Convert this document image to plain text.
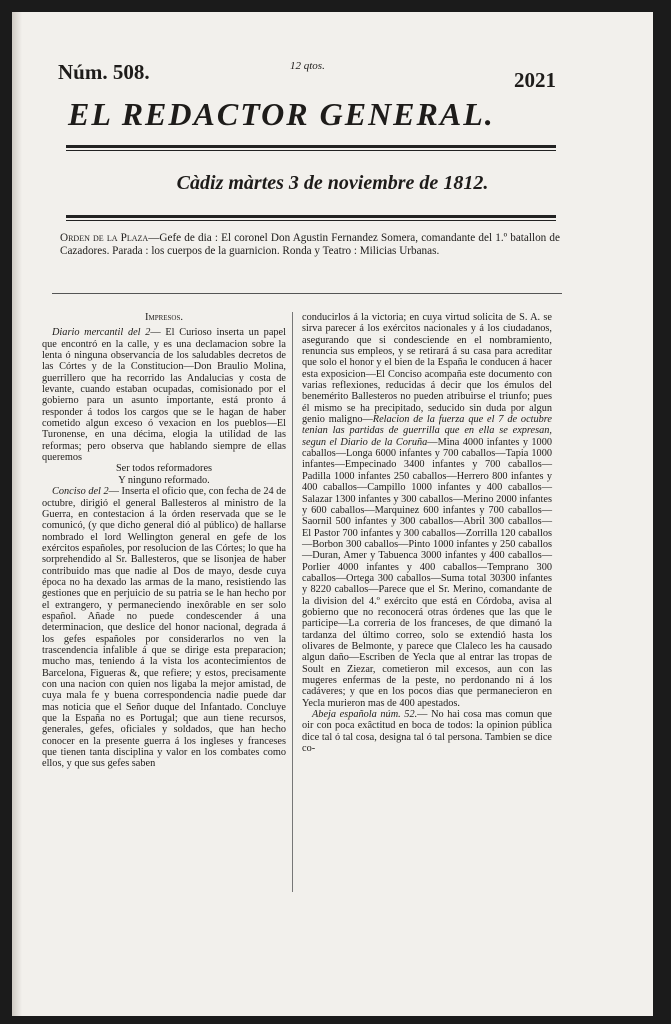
Núm. 508.	12 qtos.
2021
EL REDACTOR GENERAL.
Càdiz màrtes 3 de noviembre de 1812.

Orden de la Plaza—Gefe de dia : El coronel Don Agustin Fernandez Somera, comandante del 1.º batallon de Cazadores. Parada : los cuerpos de la guarnicion. Ronda y Teatro : Milicias Urbanas.

Impresos.

Diario mercantil del 2— El Curioso inserta un papel que encontró en la calle, y es una declamacion sobre la lenta ó ninguna observancia de los saludables decretos de las Córtes y de la Constitucion—Don Braulio Molina, guerrillero que ha recorrido las Andalucias y costa de levante, cuando estaban ocupadas, comisionado por el gobierno para un asunto importante, está pronto á responder á todos los cargos que se le hagan de haber cometido algun exceso ó vexacion en los pueblos—El Turonense, en una décima, elogia la utilidad de las reformas; pero observa que hablando siempre de ellas queremos

Ser todos reformadores

Y ninguno reformado.

Conciso del 2— Inserta el oficio que, con fecha de 24 de octubre, dirigió el general Ballesteros al ministro de la Guerra, en contestacion á la órden reservada que se le comunicó, (y que dicho general dió al público) de hallarse nombrado el lord Wellington general en gefe de los exércitos españoles, por resolucion de las Córtes; lo que ha sorprehendido al Sr. Ballesteros, que se lisonjea de haber contribuido mas que nadie al Dos de mayo, desde cuya época no ha dexado las armas de la mano, resistiendo las gestiones que en perjuicio de su patria se le han hecho por el extrangero, y permaneciendo inexôrable en ser solo español. Añade no puede condescender á una determinacion, que deslice del honor nacional, degrada á los gefes españoles por considerarlos no ven la trascendencia infalible á que se dirige esta preparacion; mucho mas, teniendo á la vista los acontecimientos de Barcelona, Figueras &, que refiere; y estos, precisamente con una nacion con quien nos ligaba la mejor amistad, de cuya mala fe y buena correspondencia nadie puede dar mas noticia que el Señor duque del Infantado. Concluye que la España no es Portugal; que aun tiene recursos, generales, gefes, oficiales y soldados, que han hecho conocer en la presente guerra á los ingleses y franceses que tienen tanta disciplina y valor en los combates como ellos, y que sus gefes saben

conducirlos á la victoria; en cuya virtud solicita de S. A. se sirva parecer á los exércitos nacionales y á los ciudadanos, asegurando que si condesciende en el nombramiento, renuncia sus empleos, y se retirará á su casa para acreditar que solo el honor y el bien de la España le conducen á hacer esta exposicion—El Conciso acompaña este documento con varias reflexiones, reducidas á decir que los émulos del benemérito Ballesteros no pueden atribuirse el triunfo; pues él mismo se ha precipitado, seducido sin duda por algun genio maligno—Relacion de la fuerza que el 7 de octubre tenian las partidas de guerrilla que en ella se expresan, segun el Diario de la Coruña—Mina 4000 infantes y 1000 caballos—Longa 6000 infantes y 700 caballos—Tapia 1000 infantes—Empecinado 3400 infantes y 700 caballos—Padilla 1000 infantes 250 caballos—Herrero 800 infantes y 400 caballos—Campillo 1000 infantes y 400 caballos—Salazar 1300 infantes y 300 caballos—Merino 2000 infantes y 600 caballos—Marquinez 600 infantes y 700 caballos—Saornil 500 infantes y 300 caballos—Abril 300 caballos—El Pastor 700 infantes y 300 caballos—Zorrilla 120 caballos—Borbon 300 caballos—Pinto 1000 infantes y 250 caballos—Duran, Amer y Tabuenca 3000 infantes y 400 caballos—Porlier 4000 infantes y 400 caballos—Temprano 300 caballos—Ortega 300 caballos—Suma total 30300 infantes y 8220 caballos—Parece que el Sr. Merino, comandante de la division del 4.º exército que está en Córdoba, avisa al gobierno que no reconocerá otras órdenes que las que le participe—La correria de los franceses, de que dimanó la tardanza del último correo, solo se extendió hasta los olivares de Belmonte, y parece que Claleco les ha causado algun daño—Escriben de Yecla que al entrar las tropas de Soult en Ziezar, cometieron mil excesos, aun con las mugeres enfermas de la peste, no perdonando ni á los cadáveres; y que en los pocos dias que permanecieron en Yecla murieron mas de 400 apestados.

Abeja española núm. 52.— No hai cosa mas comun que oir con poca exâctitud en boca de todos: la opinion pública dice tal ó tal cosa, designa tal ó tal persona. Tambien se dice co-
